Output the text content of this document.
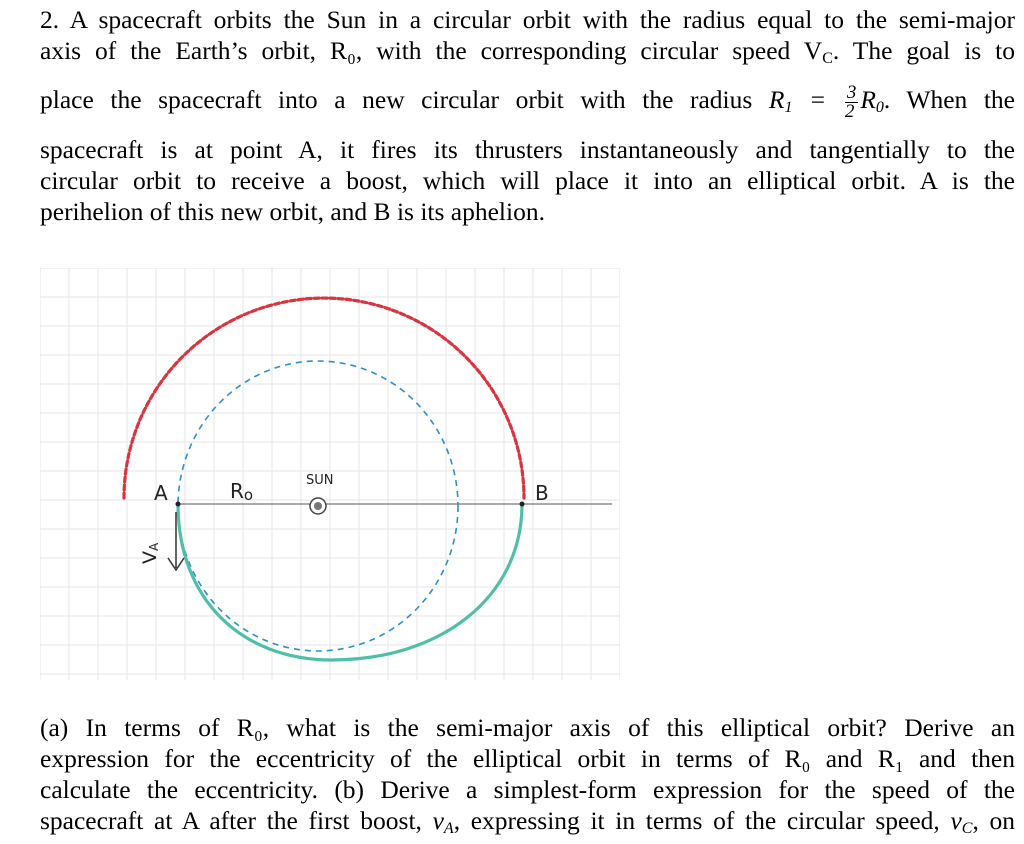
2. A spacecraft orbits the Sun in a circular orbit with the radius equal to the semi-major
axis of the Earth’s orbit, R₀, with the corresponding circular speed $V_C$. The goal is to
place the spacecraft into a new circular orbit with the radius $R_1 = \frac{3}{2} R_0$. When the
spacecraft is at point A, it fires its thrusters instantaneously and tangentially to the
circular orbit to receive a boost, which will place it into an elliptical orbit. A is the
perihelion of this new orbit, and B is its aphelion.
A	B
Ro
SUN
VA
(a) In terms of R₀, what is the semi-major axis of this elliptical orbit? Derive an
expression for the eccentricity of the elliptical orbit in terms of R₀ and R₁ and then
calculate the eccentricity. (b) Derive a simplest-form expression for the speed of the
spacecraft at A after the first boost, $v_A$, expressing it in terms of the circular speed, $v_C$, on
